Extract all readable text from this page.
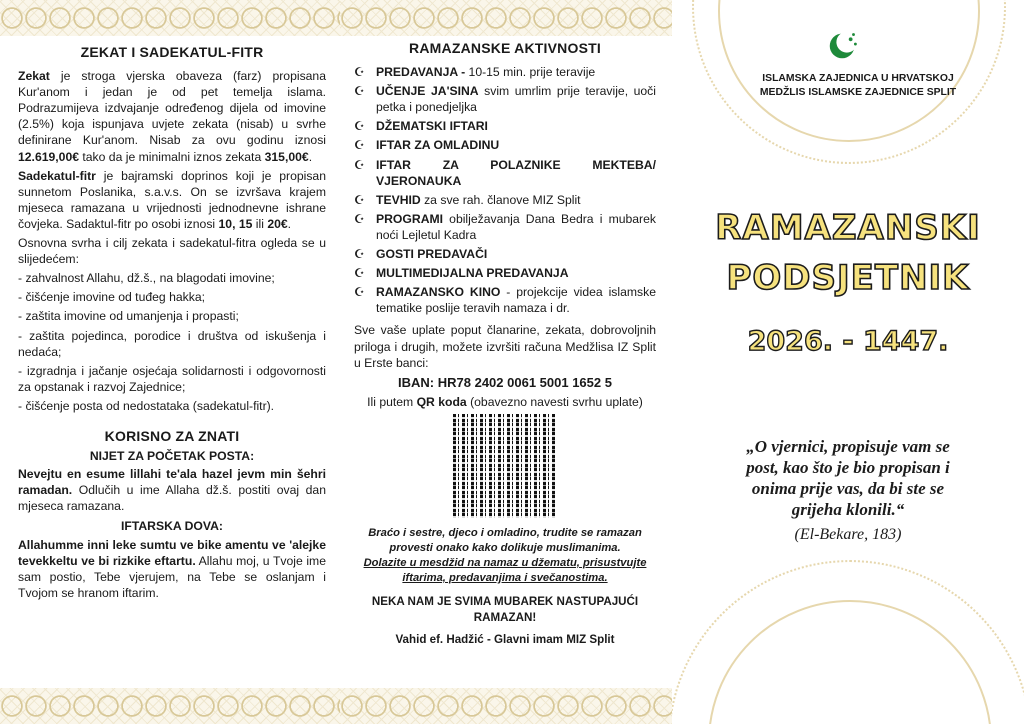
ZEKAT I SADEKATUL-FITR

Zekat je stroga vjerska obaveza (farz) propisana Kur'anom i jedan je od pet temelja islama. Podrazumijeva izdvajanje određenog dijela od imovine (2.5%) koja ispunjava uvjete zekata (nisab) u svrhe definirane Kur'anom. Nisab za ovu godinu iznosi 12.619,00€ tako da je minimalni iznos zekata 315,00€.

Sadekatul-fitr je bajramski doprinos koji je propisan sunnetom Poslanika, s.a.v.s. On se izvršava krajem mjeseca ramazana u vrijednosti jednodnevne ishrane čovjeka. Sadaktul-fitr po osobi iznosi 10, 15 ili 20€.

Osnovna svrha i cilj zekata i sadekatul-fitra ogleda se u slijedećem:

- zahvalnost Allahu, dž.š., na blagodati imovine;

- čišćenje imovine od tuđeg hakka;

- zaštita imovine od umanjenja i propasti;

- zaštita pojedinca, porodice i društva od iskušenja i nedaća;

- izgradnja i jačanje osjećaja solidarnosti i odgovornosti za opstanak i razvoj Zajednice;

- čišćenje posta od nedostataka (sadekatul-fitr).

KORISNO ZA ZNATI
NIJET ZA POČETAK POSTA:

Nevejtu en esume lillahi te'ala hazel jevm min šehri ramadan. Odlučih u ime Allaha dž.š. postiti ovaj dan mjeseca ramazana.

IFTARSKA DOVA:

Allahumme inni leke sumtu ve bike amentu ve 'alejke tevekkeltu ve bi rizkike eftartu. Allahu moj, u Tvoje ime sam postio, Tebe vjerujem, na Tebe se oslanjam i Tvojom se hranom iftarim.

RAMAZANSKE AKTIVNOSTI
☪ PREDAVANJA - 10-15 min. prije teravije
☪ UČENJE JA'SINA svim umrlim prije teravije, uoči petka i ponedjeljka
☪ DŽEMATSKI IFTARI
☪ IFTAR ZA OMLADINU
☪ IFTAR ZA POLAZNIKE MEKTEBA/ VJERONAUKA
☪ TEVHID za sve rah. članove MIZ Split
☪ PROGRAMI obilježavanja Dana Bedra i mubarek noći Lejletul Kadra
☪ GOSTI PREDAVAČI
☪ MULTIMEDIJALNA PREDAVANJA
☪ RAMAZANSKO KINO - projekcije videa islamske tematike poslije teravih namaza i dr.

Sve vaše uplate poput članarine, zekata, dobrovoljnih priloga i drugih, možete izvršiti računa Medžlisa IZ Split u Erste banci:

IBAN: HR78 2402 0061 5001 1652 5

Ili putem QR koda (obavezno navesti svrhu uplate)

Braćo i sestre, djeco i omladino, trudite se ramazan provesti onako kako dolikuje muslimanima.
Dolazite u mesdžid na namaz u džematu, prisustvujte iftarima, predavanjima i svečanostima.
NEKA NAM JE SVIMA MUBAREK NASTUPAJUĆI RAMAZAN!
Vahid ef. Hadžić - Glavni imam MIZ Split
ISLAMSKA ZAJEDNICA U HRVATSKOJ
MEDŽLIS ISLAMSKE ZAJEDNICE SPLIT
RAMAZANSKI
PODSJETNIK
2026. - 1447.
„O vjernici, propisuje vam se post, kao što je bio propisan i onima prije vas, da bi ste se grijeha klonili.“
(El-Bekare, 183)
